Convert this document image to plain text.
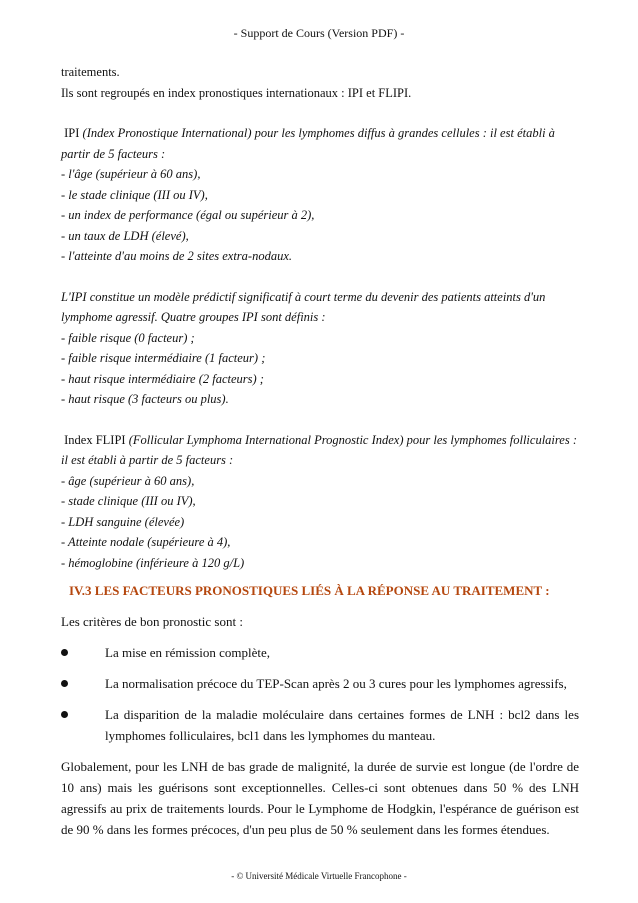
- Support de Cours (Version PDF) -

traitements.

Ils sont regroupés en index pronostiques internationaux : IPI et FLIPI.

IPI (Index Pronostique International) pour les lymphomes diffus à grandes cellules : il est établi à partir de 5 facteurs :

- l'âge (supérieur à 60 ans),

- le stade clinique (III ou IV),

- un index de performance (égal ou supérieur à 2),

- un taux de LDH (élevé),

- l'atteinte d'au moins de 2 sites extra-nodaux.

L'IPI constitue un modèle prédictif significatif à court terme du devenir des patients atteints d'un lymphome agressif. Quatre groupes IPI sont définis :

- faible risque (0 facteur) ;

- faible risque intermédiaire (1 facteur) ;

- haut risque intermédiaire (2 facteurs) ;

- haut risque (3 facteurs ou plus).

Index FLIPI (Follicular Lymphoma International Prognostic Index) pour les lymphomes folliculaires : il est établi à partir de 5 facteurs :

- âge (supérieur à 60 ans),

- stade clinique (III ou IV),

- LDH sanguine (élevée)

- Atteinte nodale (supérieure à 4),

- hémoglobine (inférieure à 120 g/L)

IV.3 LES FACTEURS PRONOSTIQUES LIÉS À LA RÉPONSE AU TRAITEMENT :

Les critères de bon pronostic sont :

La mise en rémission complète,
La normalisation précoce du TEP-Scan après 2 ou 3 cures pour les lymphomes agressifs,
La disparition de la maladie moléculaire dans certaines formes de LNH : bcl2 dans les lymphomes folliculaires, bcl1 dans les lymphomes du manteau.

Globalement, pour les LNH de bas grade de malignité, la durée de survie est longue (de l'ordre de 10 ans) mais les guérisons sont exceptionnelles. Celles-ci sont obtenues dans 50 % des LNH agressifs au prix de traitements lourds. Pour le Lymphome de Hodgkin, l'espérance de guérison est de 90 % dans les formes précoces, d'un peu plus de 50 % seulement dans les formes étendues.

- © Université Médicale Virtuelle Francophone -
